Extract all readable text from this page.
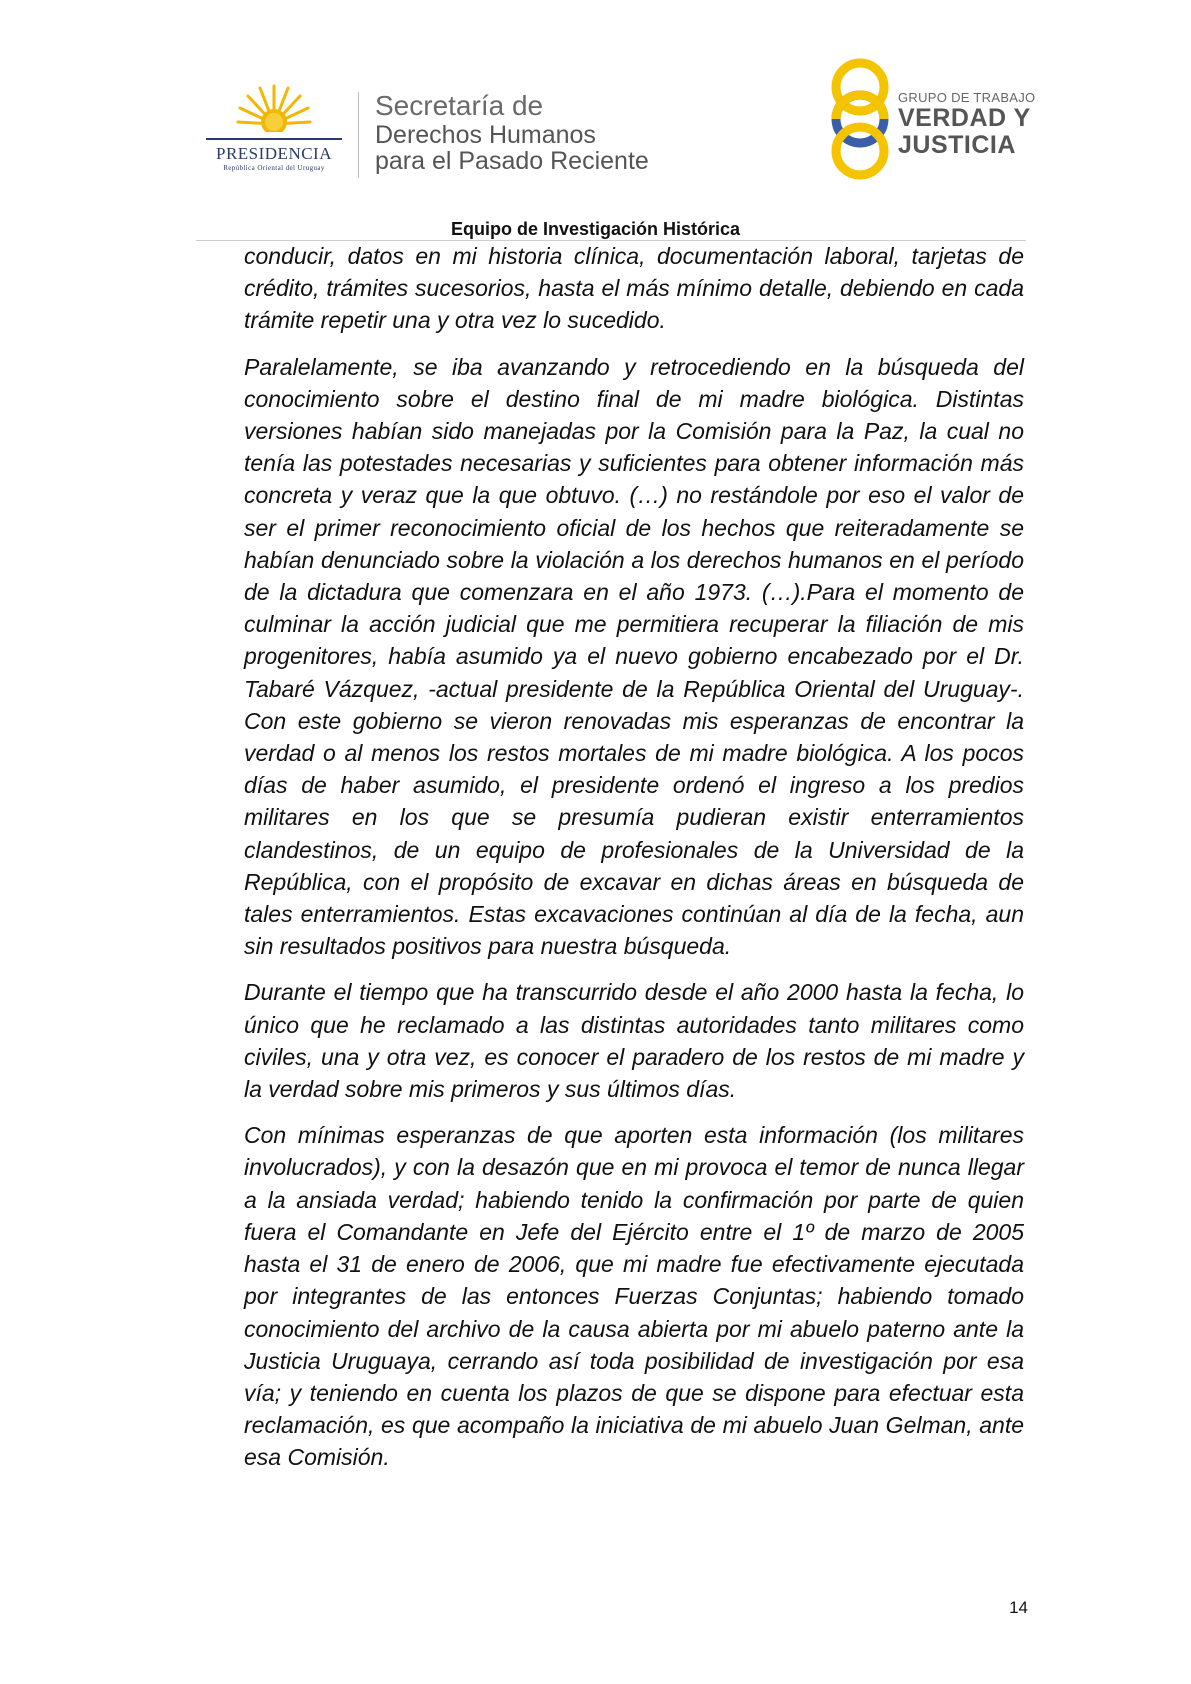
PRESIDENCIA
República Oriental del Uruguay
Secretaría de
Derechos Humanos
para el Pasado Reciente
GRUPO DE TRABAJO
VERDAD Y
JUSTICIA
Equipo de Investigación Histórica

conducir, datos en mi historia clínica, documentación laboral, tarjetas de crédito, trámites sucesorios, hasta el más mínimo detalle, debiendo en cada trámite repetir una y otra vez lo sucedido.

Paralelamente, se iba avanzando y retrocediendo en la búsqueda del conocimiento sobre el destino final de mi madre biológica. Distintas versiones habían sido manejadas por la Comisión para la Paz, la cual no tenía las potestades necesarias y suficientes para obtener información más concreta y veraz que la que obtuvo. (…) no restándole por eso el valor de ser el primer reconocimiento oficial de los hechos que reiteradamente se habían denunciado sobre la violación a los derechos humanos en el período de la dictadura que comenzara en el año 1973. (…).Para el momento de culminar la acción judicial que me permitiera recuperar la filiación de mis progenitores, había asumido ya el nuevo gobierno encabezado por el Dr. Tabaré Vázquez, -actual presidente de la República Oriental del Uruguay-. Con este gobierno se vieron renovadas mis esperanzas de encontrar la verdad o al menos los restos mortales de mi madre biológica. A los pocos días de haber asumido, el presidente ordenó el ingreso a los predios militares en los que se presumía pudieran existir enterramientos clandestinos, de un equipo de profesionales de la Universidad de la República, con el propósito de excavar en dichas áreas en búsqueda de tales enterramientos. Estas excavaciones continúan al día de la fecha, aun sin resultados positivos para nuestra búsqueda.

Durante el tiempo que ha transcurrido desde el año 2000 hasta la fecha, lo único que he reclamado a las distintas autoridades tanto militares como civiles, una y otra vez, es conocer el paradero de los restos de mi madre y la verdad sobre mis primeros y sus últimos días.

Con mínimas esperanzas de que aporten esta información (los militares involucrados), y con la desazón que en mi provoca el temor de nunca llegar a la ansiada verdad; habiendo tenido la confirmación por parte de quien fuera el Comandante en Jefe del Ejército entre el 1º de marzo de 2005 hasta el 31 de enero de 2006, que mi madre fue efectivamente ejecutada por integrantes de las entonces Fuerzas Conjuntas; habiendo tomado conocimiento del archivo de la causa abierta por mi abuelo paterno ante la Justicia Uruguaya, cerrando así toda posibilidad de investigación por esa vía; y teniendo en cuenta los plazos de que se dispone para efectuar esta reclamación, es que acompaño la iniciativa de mi abuelo Juan Gelman, ante esa Comisión.

14
